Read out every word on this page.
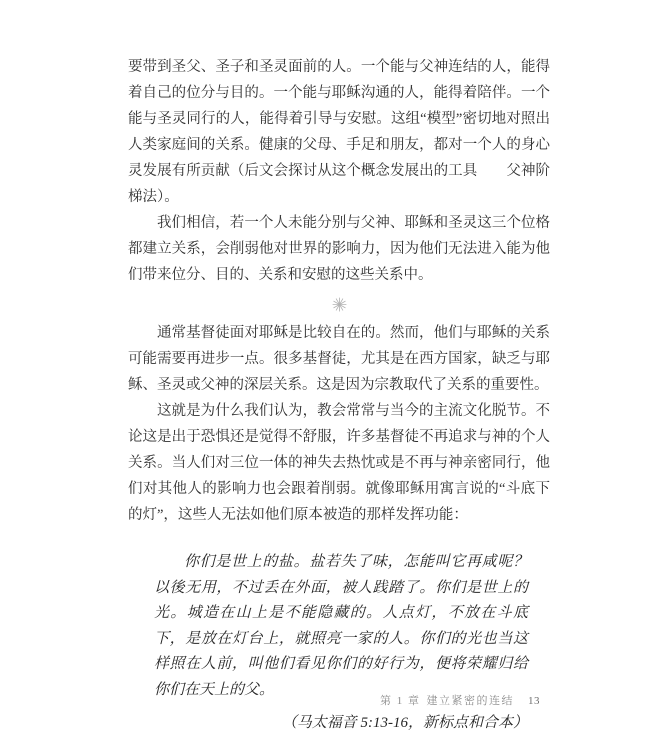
要带到圣父、圣子和圣灵面前的人。一个能与父神连结的人，能得着自己的位分与目的。一个能与耶稣沟通的人，能得着陪伴。一个能与圣灵同行的人，能得着引导与安慰。这组“模型”密切地对照出人类家庭间的关系。健康的父母、手足和朋友，都对一个人的身心灵发展有所贡献（后文会探讨从这个概念发展出的工具　　父神阶梯法）。

我们相信，若一个人未能分别与父神、耶稣和圣灵这三个位格都建立关系，会削弱他对世界的影响力，因为他们无法进入能为他们带来位分、目的、关系和安慰的这些关系中。

通常基督徒面对耶稣是比较自在的。然而，他们与耶稣的关系可能需要再进步一点。很多基督徒，尤其是在西方国家，缺乏与耶稣、圣灵或父神的深层关系。这是因为宗教取代了关系的重要性。

这就是为什么我们认为，教会常常与当今的主流文化脱节。不论这是出于恐惧还是觉得不舒服，许多基督徒不再追求与神的个人关系。当人们对三位一体的神失去热忱或是不再与神亲密同行，他们对其他人的影响力也会跟着削弱。就像耶稣用寓言说的“斗底下的灯”，这些人无法如他们原本被造的那样发挥功能：

你们是世上的盐。盐若失了味，怎能叫它再咸呢？以後无用，不过丢在外面，被人践踏了。你们是世上的光。城造在山上是不能隐藏的。人点灯，不放在斗底下，是放在灯台上，就照亮一家的人。你们的光也当这样照在人前，叫他们看见你们的好行为，便将荣耀归给你们在天上的父。

（马太福音 5:13-16，新标点和合本）

第 1 章 建立紧密的连结 13
